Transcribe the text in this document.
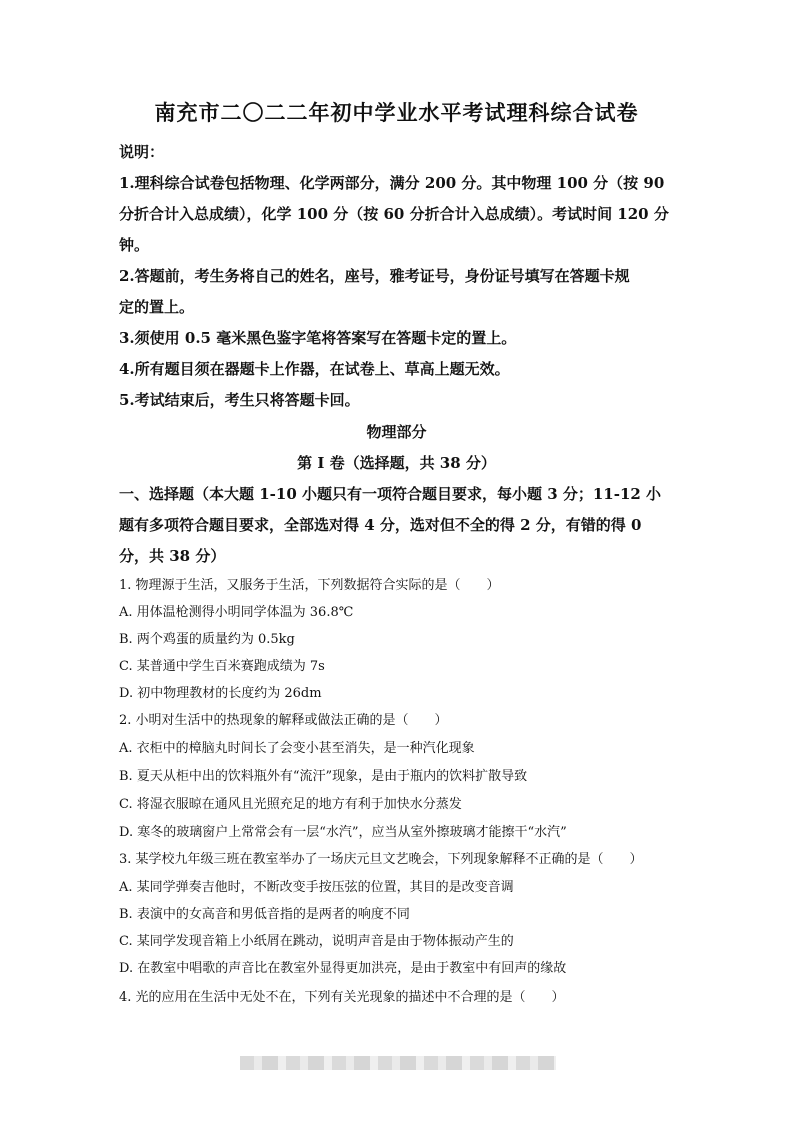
南充市二〇二二年初中学业水平考试理科综合试卷
说明：
1.理科综合试卷包括物理、化学两部分，满分 200 分。其中物理 100 分（按 90
分折合计入总成绩），化学 100 分（按 60 分折合计入总成绩）。考试时间 120 分
钟。
2.答题前，考生务将自己的姓名，座号，雅考证号，身份证号填写在答题卡规
定的置上。
3.须使用 0.5 毫米黑色鉴字笔将答案写在答题卡定的置上。
4.所有题目须在器题卡上作器，在试卷上、草高上题无效。
5.考试结束后，考生只将答题卡回。
物理部分
第 I 卷（选择题，共 38 分）
一、选择题（本大题 1-10 小题只有一项符合题目要求，每小题 3 分；11-12 小
题有多项符合题目要求，全部选对得 4 分，选对但不全的得 2 分，有错的得 0
分，共 38 分）
1. 物理源于生活，又服务于生活，下列数据符合实际的是（　　）
A. 用体温枪测得小明同学体温为 36.8℃
B. 两个鸡蛋的质量约为 0.5kg
C. 某普通中学生百米赛跑成绩为 7s
D. 初中物理教材的长度约为 26dm
2. 小明对生活中的热现象的解释或做法正确的是（　　）
A. 衣柜中的樟脑丸时间长了会变小甚至消失，是一种汽化现象
B. 夏天从柜中出的饮料瓶外有“流汗”现象，是由于瓶内的饮料扩散导致
C. 将湿衣服晾在通风且光照充足的地方有利于加快水分蒸发
D. 寒冬的玻璃窗户上常常会有一层“水汽”，应当从室外擦玻璃才能擦干“水汽”
3. 某学校九年级三班在教室举办了一场庆元旦文艺晚会，下列现象解释不正确的是（　　）
A. 某同学弹奏吉他时，不断改变手按压弦的位置，其目的是改变音调
B. 表演中的女高音和男低音指的是两者的响度不同
C. 某同学发现音箱上小纸屑在跳动，说明声音是由于物体振动产生的
D. 在教室中唱歌的声音比在教室外显得更加洪亮，是由于教室中有回声的缘故
4. 光的应用在生活中无处不在，下列有关光现象的描述中不合理的是（　　）
